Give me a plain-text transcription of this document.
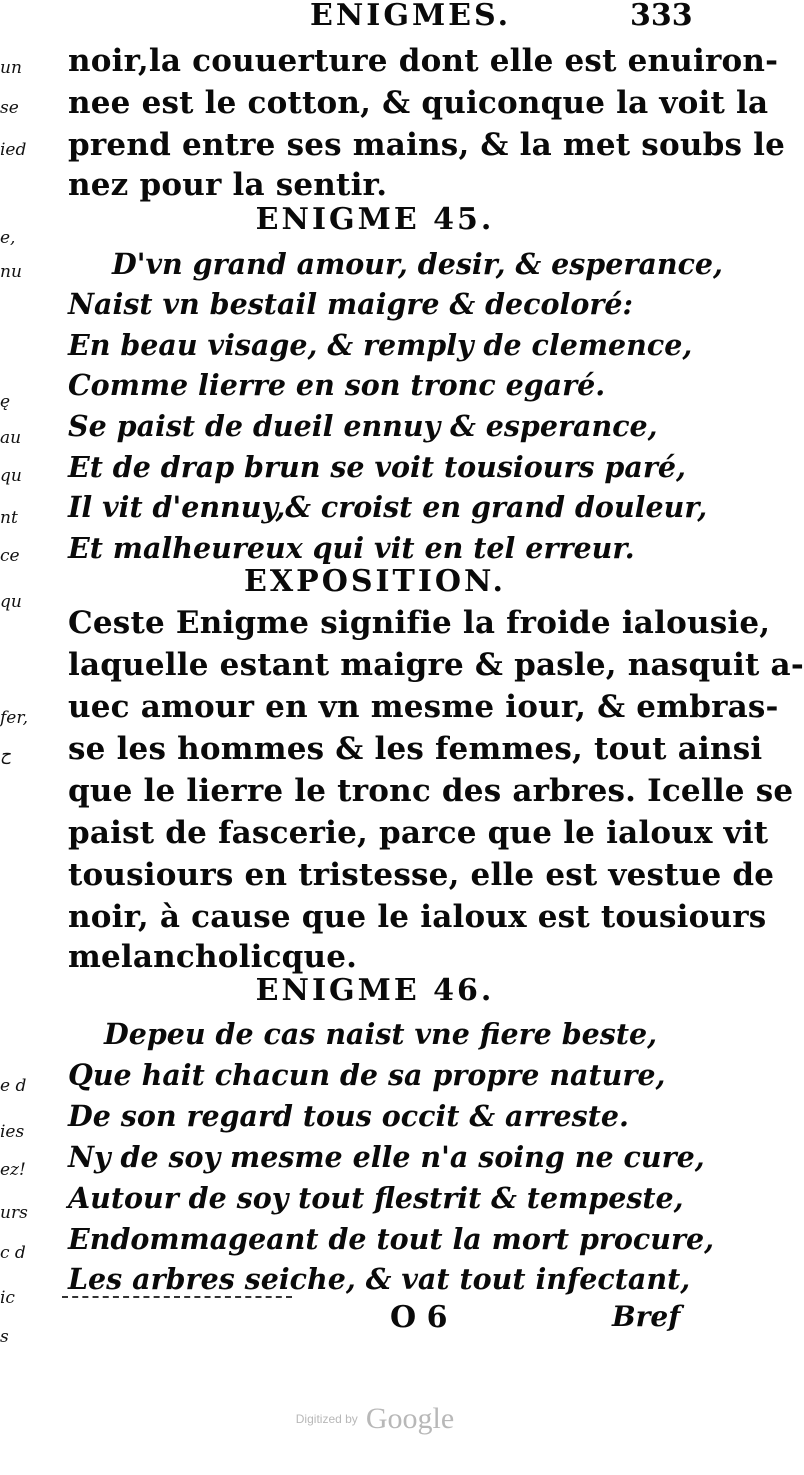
un
se
ied
e,
nu
ę
au
qu
nt
ce
qu
fer,
ح
e d
ies
ez!
urs
c d
ic
s
ENIGMES.	333
noir,la couuerture dont elle est enuiron-
nee est le cotton, & quiconque la voit la
prend entre ses mains, & la met soubs le
nez pour la sentir.
ENIGME 45.
D'vn grand amour, desir, & esperance,
Naist vn bestail maigre & decoloré:
En beau visage, & remply de clemence,
Comme lierre en son tronc egaré.
Se paist de dueil ennuy & esperance,
Et de drap brun se voit tousiours paré,
Il vit d'ennuy,& croist en grand douleur,
Et malheureux qui vit en tel erreur.
EXPOSITION.
Ceste Enigme signifie la froide ialousie,
laquelle estant maigre & pasle, nasquit a-
uec amour en vn mesme iour, & embras-
se les hommes & les femmes, tout ainsi
que le lierre le tronc des arbres. Icelle se
paist de fascerie, parce que le ialoux vit
tousiours en tristesse, elle est vestue de
noir, à cause que le ialoux est tousiours
melancholicque.
ENIGME 46.
Depeu de cas naist vne fiere beste,
Que hait chacun de sa propre nature,
De son regard tous occit & arreste.
Ny de soy mesme elle n'a soing ne cure,
Autour de soy tout flestrit & tempeste,
Endommageant de tout la mort procure,
Les arbres seiche, & vat tout infectant,
O 6	Bref
Digitized by Google
